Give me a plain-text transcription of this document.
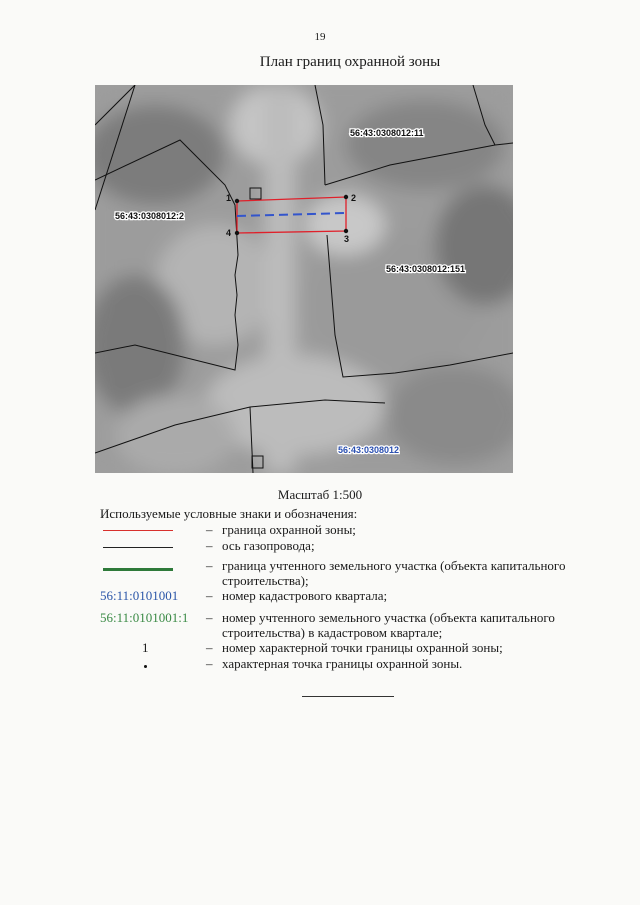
19
План границ охранной зоны
1	2
3
4
56:43:0308012:2
56:43:0308012:11
56:43:0308012:151
56:43:0308012
Масштаб 1:500
Используемые условные знаки и обозначения:
– граница охранной зоны;
– ось газопровода;
– граница учтенного земельного участка (объекта капитального строительства);
56:11:0101001	– номер кадастрового квартала;
56:11:0101001:1	– номер учтенного земельного участка (объекта капитального строительства) в кадастровом квартале;
1	– номер характерной точки границы охранной зоны;
– характерная точка границы охранной зоны.
